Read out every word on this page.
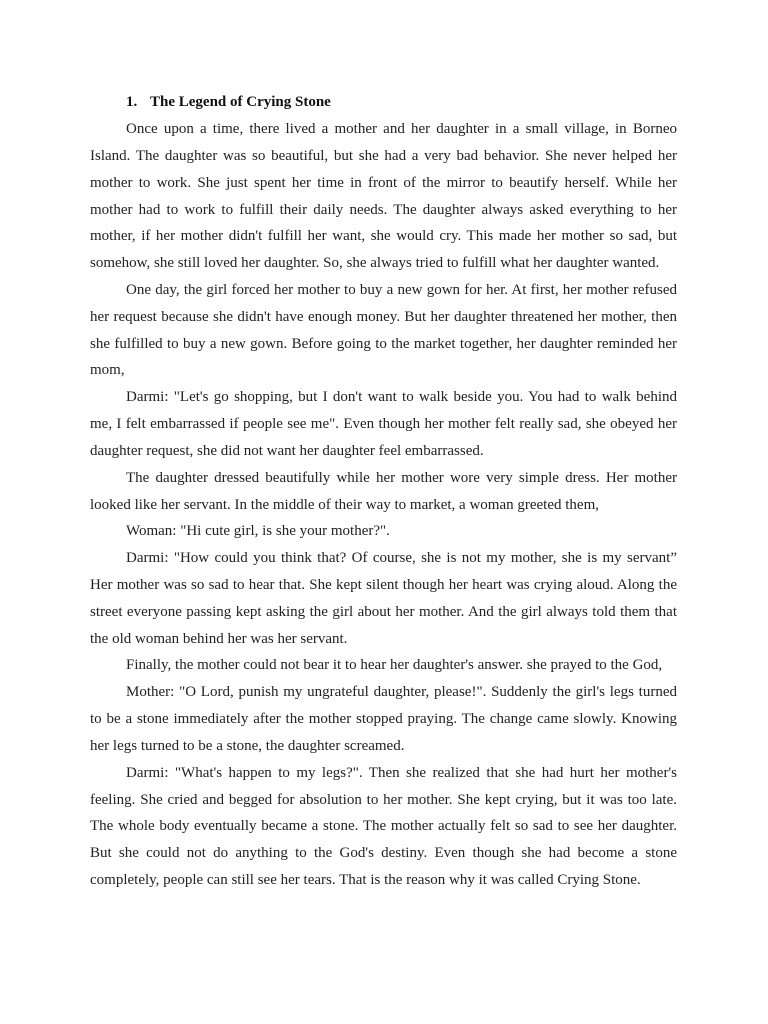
1. The Legend of Crying Stone
Once upon a time, there lived a mother and her daughter in a small village, in Borneo
Island. The daughter was so beautiful, but she had a very bad behavior. She never helped her
mother to work. She just spent her time in front of the mirror to beautify herself. While her
mother had to work to fulfill their daily needs. The daughter always asked everything to her
mother, if her mother didn't fulfill her want, she would cry. This made her mother so sad, but
somehow, she still loved her daughter. So, she always tried to fulfill what her daughter wanted.
One day, the girl forced her mother to buy a new gown for her. At first, her mother refused
her request because she didn't have enough money. But her daughter threatened her mother, then
she fulfilled to buy a new gown. Before going to the market together, her daughter reminded her
mom,
Darmi: "Let's go shopping, but I don't want to walk beside you. You had to walk behind
me, I felt embarrassed if people see me". Even though her mother felt really sad, she obeyed her
daughter request, she did not want her daughter feel embarrassed.
The daughter dressed beautifully while her mother wore very simple dress. Her mother
looked like her servant. In the middle of their way to market, a woman greeted them,
Woman: "Hi cute girl, is she your mother?".
Darmi: "How could you think that? Of course, she is not my mother, she is my servant”
Her mother was so sad to hear that. She kept silent though her heart was crying aloud. Along the
street everyone passing kept asking the girl about her mother. And the girl always told them that
the old woman behind her was her servant.
Finally, the mother could not bear it to hear her daughter's answer. she prayed to the God,
Mother: "O Lord, punish my ungrateful daughter, please!". Suddenly the girl's legs turned
to be a stone immediately after the mother stopped praying. The change came slowly. Knowing
her legs turned to be a stone, the daughter screamed.
Darmi: "What's happen to my legs?". Then she realized that she had hurt her mother's
feeling. She cried and begged for absolution to her mother. She kept crying, but it was too late.
The whole body eventually became a stone. The mother actually felt so sad to see her daughter.
But she could not do anything to the God's destiny. Even though she had become a stone
completely, people can still see her tears. That is the reason why it was called Crying Stone.
